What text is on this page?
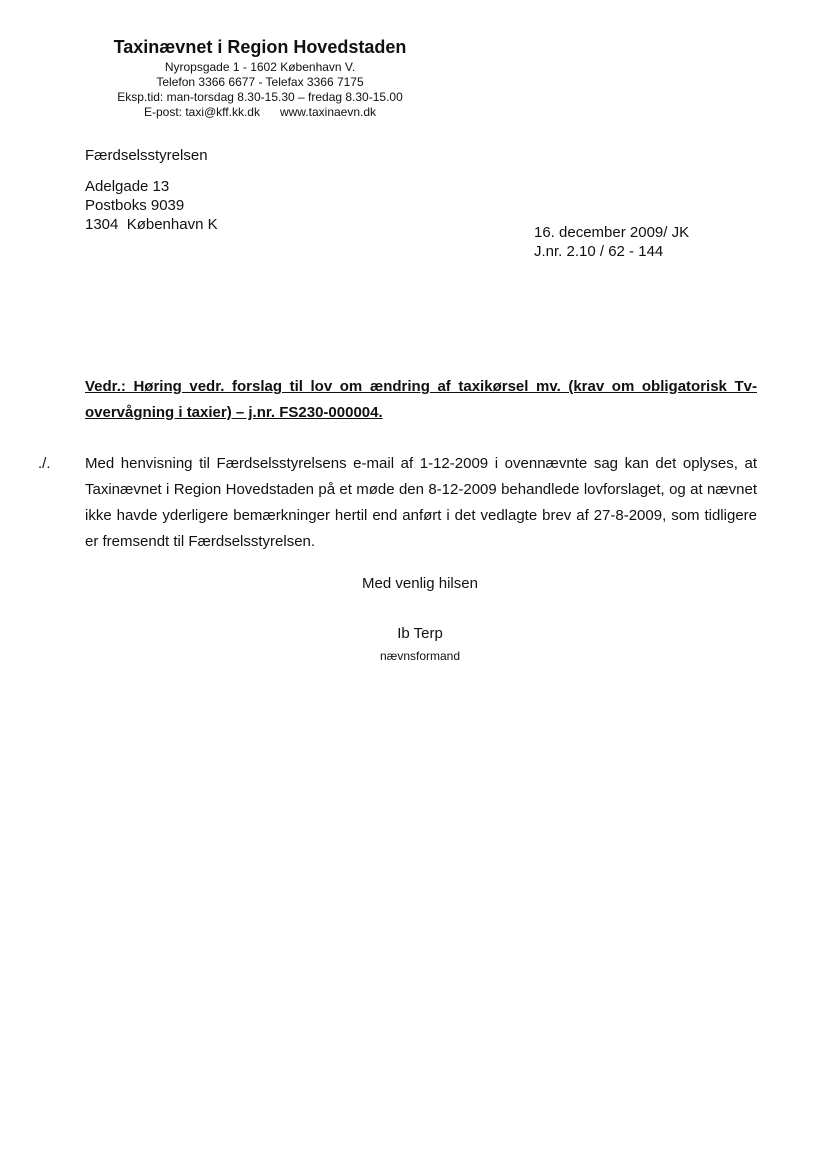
Taxinævnet i Region Hovedstaden
Nyropsgade 1 - 1602 København V.
Telefon 3366 6677 - Telefax 3366 7175
Eksp.tid: man-torsdag 8.30-15.30 – fredag 8.30-15.00
E-post: taxi@kff.kk.dk www.taxinaevn.dk
Færdselsstyrelsen
Adelgade 13
Postboks 9039
1304  København K	16. december 2009/ JK
J.nr. 2.10 / 62 - 144
Vedr.: Høring vedr. forslag til lov om ændring af taxikørsel mv. (krav om obligatorisk Tv-overvågning i taxier) – j.nr. FS230-000004.
./. Med henvisning til Færdselsstyrelsens e-mail af 1-12-2009 i ovennævnte sag kan det oplyses, at Taxinævnet i Region Hovedstaden på et møde den 8-12-2009 behandlede lovforslaget, og at nævnet ikke havde yderligere bemærkninger hertil end anført i det vedlagte brev af 27-8-2009, som tidligere er fremsendt til Færdselsstyrelsen.
Med venlig hilsen
Ib Terp
nævnsformand
